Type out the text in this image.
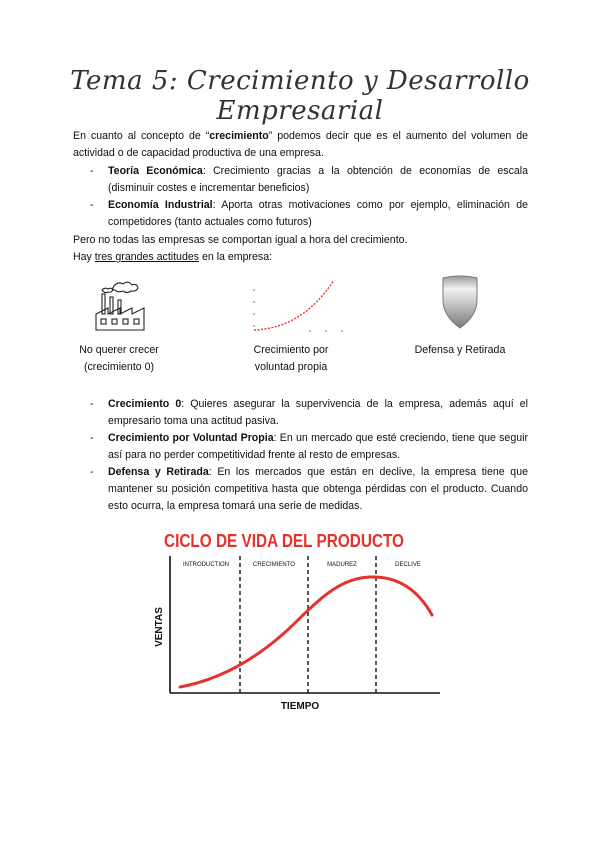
Tema 5: Crecimiento y Desarrollo Empresarial
En cuanto al concepto de “crecimiento” podemos decir que es el aumento del volumen de actividad o de capacidad productiva de una empresa.
- Teoría Económica: Crecimiento gracias a la obtención de economías de escala (disminuir costes e incrementar beneficios)
- Economía Industrial: Aporta otras motivaciones como por ejemplo, eliminación de competidores (tanto actuales como futuros)
Pero no todas las empresas se comportan igual a hora del crecimiento.
Hay tres grandes actitudes en la empresa:
No querer crecer
(crecimiento 0)
Crecimiento por
voluntad propia
Defensa y Retirada
- Crecimiento 0: Quieres asegurar la supervivencia de la empresa, además aquí el empresario toma una actitud pasiva.
- Crecimiento por Voluntad Propia: En un mercado que esté creciendo, tiene que seguir así para no perder competitividad frente al resto de empresas.
- Defensa y Retirada: En los mercados que están en declive, la empresa tiene que mantener su posición competitiva hasta que obtenga pérdidas con el producto. Cuando esto ocurra, la empresa tomará una serie de medidas.
CICLO DE VIDA DEL PRODUCTO
INTRODUCTION	CRECIMIENTO	MADUREZ	DECLIVE
VENTAS
TIEMPO
